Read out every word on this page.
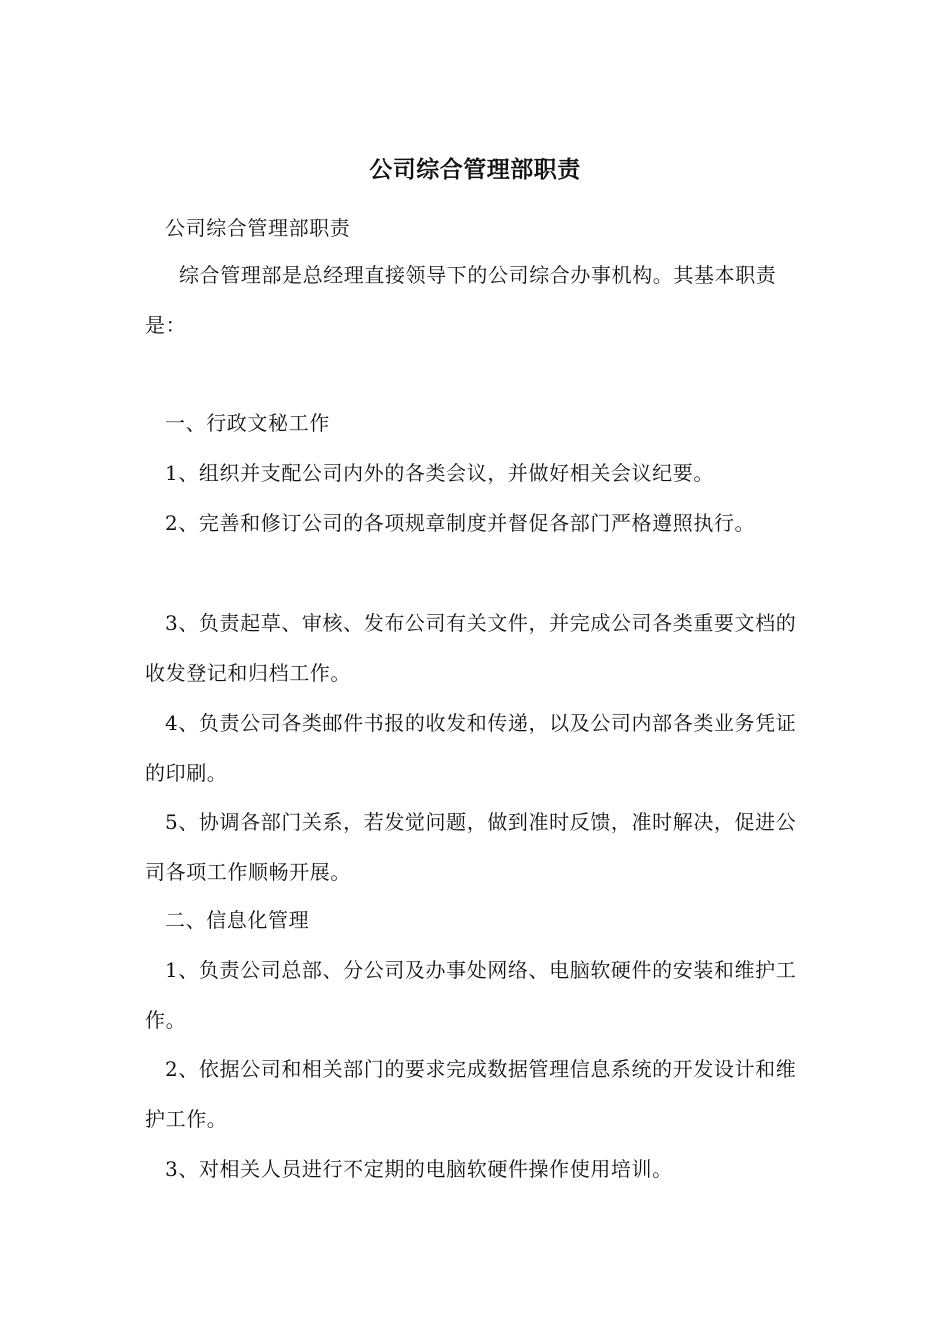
公司综合管理部职责

公司综合管理部职责

综合管理部是总经理直接领导下的公司综合办事机构。其基本职责是：

一、行政文秘工作

1、组织并支配公司内外的各类会议，并做好相关会议纪要。

2、完善和修订公司的各项规章制度并督促各部门严格遵照执行。

3、负责起草、审核、发布公司有关文件，并完成公司各类重要文档的收发登记和归档工作。

4、负责公司各类邮件书报的收发和传递，以及公司内部各类业务凭证的印刷。

5、协调各部门关系，若发觉问题，做到准时反馈，准时解决，促进公司各项工作顺畅开展。

二、信息化管理

1、负责公司总部、分公司及办事处网络、电脑软硬件的安装和维护工作。

2、依据公司和相关部门的要求完成数据管理信息系统的开发设计和维护工作。

3、对相关人员进行不定期的电脑软硬件操作使用培训。
